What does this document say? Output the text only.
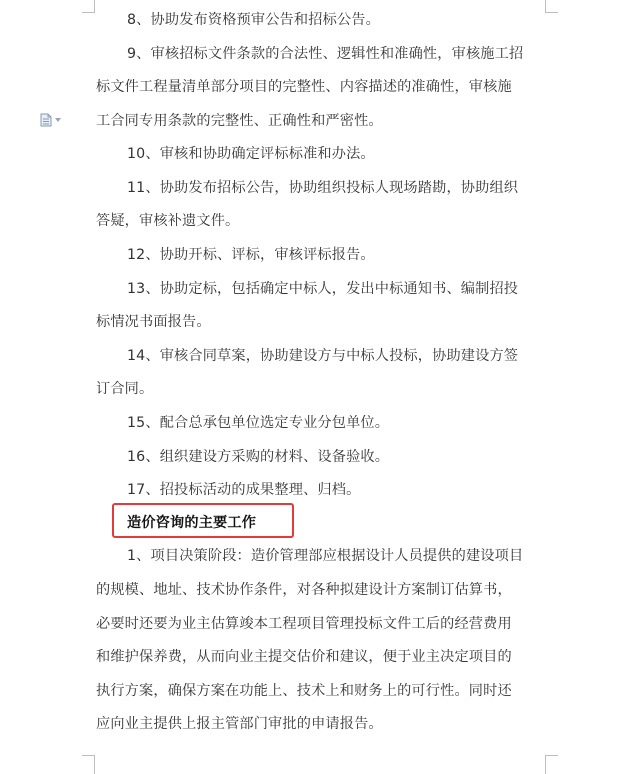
8、协助发布资格预审公告和招标公告。
9、审核招标文件条款的合法性、逻辑性和准确性，审核施工招
标文件工程量清单部分项目的完整性、内容描述的准确性，审核施
工合同专用条款的完整性、正确性和严密性。
10、审核和协助确定评标标准和办法。
11、协助发布招标公告，协助组织投标人现场踏勘，协助组织
答疑，审核补遗文件。
12、协助开标、评标，审核评标报告。
13、协助定标，包括确定中标人，发出中标通知书、编制招投
标情况书面报告。
14、审核合同草案，协助建设方与中标人投标，协助建设方签
订合同。
15、配合总承包单位选定专业分包单位。
16、组织建设方采购的材料、设备验收。
17、招投标活动的成果整理、归档。
造价咨询的主要工作
1、项目决策阶段：造价管理部应根据设计人员提供的建设项目
的规模、地址、技术协作条件，对各种拟建设计方案制订估算书，
必要时还要为业主估算竣本工程项目管理投标文件工后的经营费用
和维护保养费，从而向业主提交估价和建议，便于业主决定项目的
执行方案，确保方案在功能上、技术上和财务上的可行性。同时还
应向业主提供上报主管部门审批的申请报告。
